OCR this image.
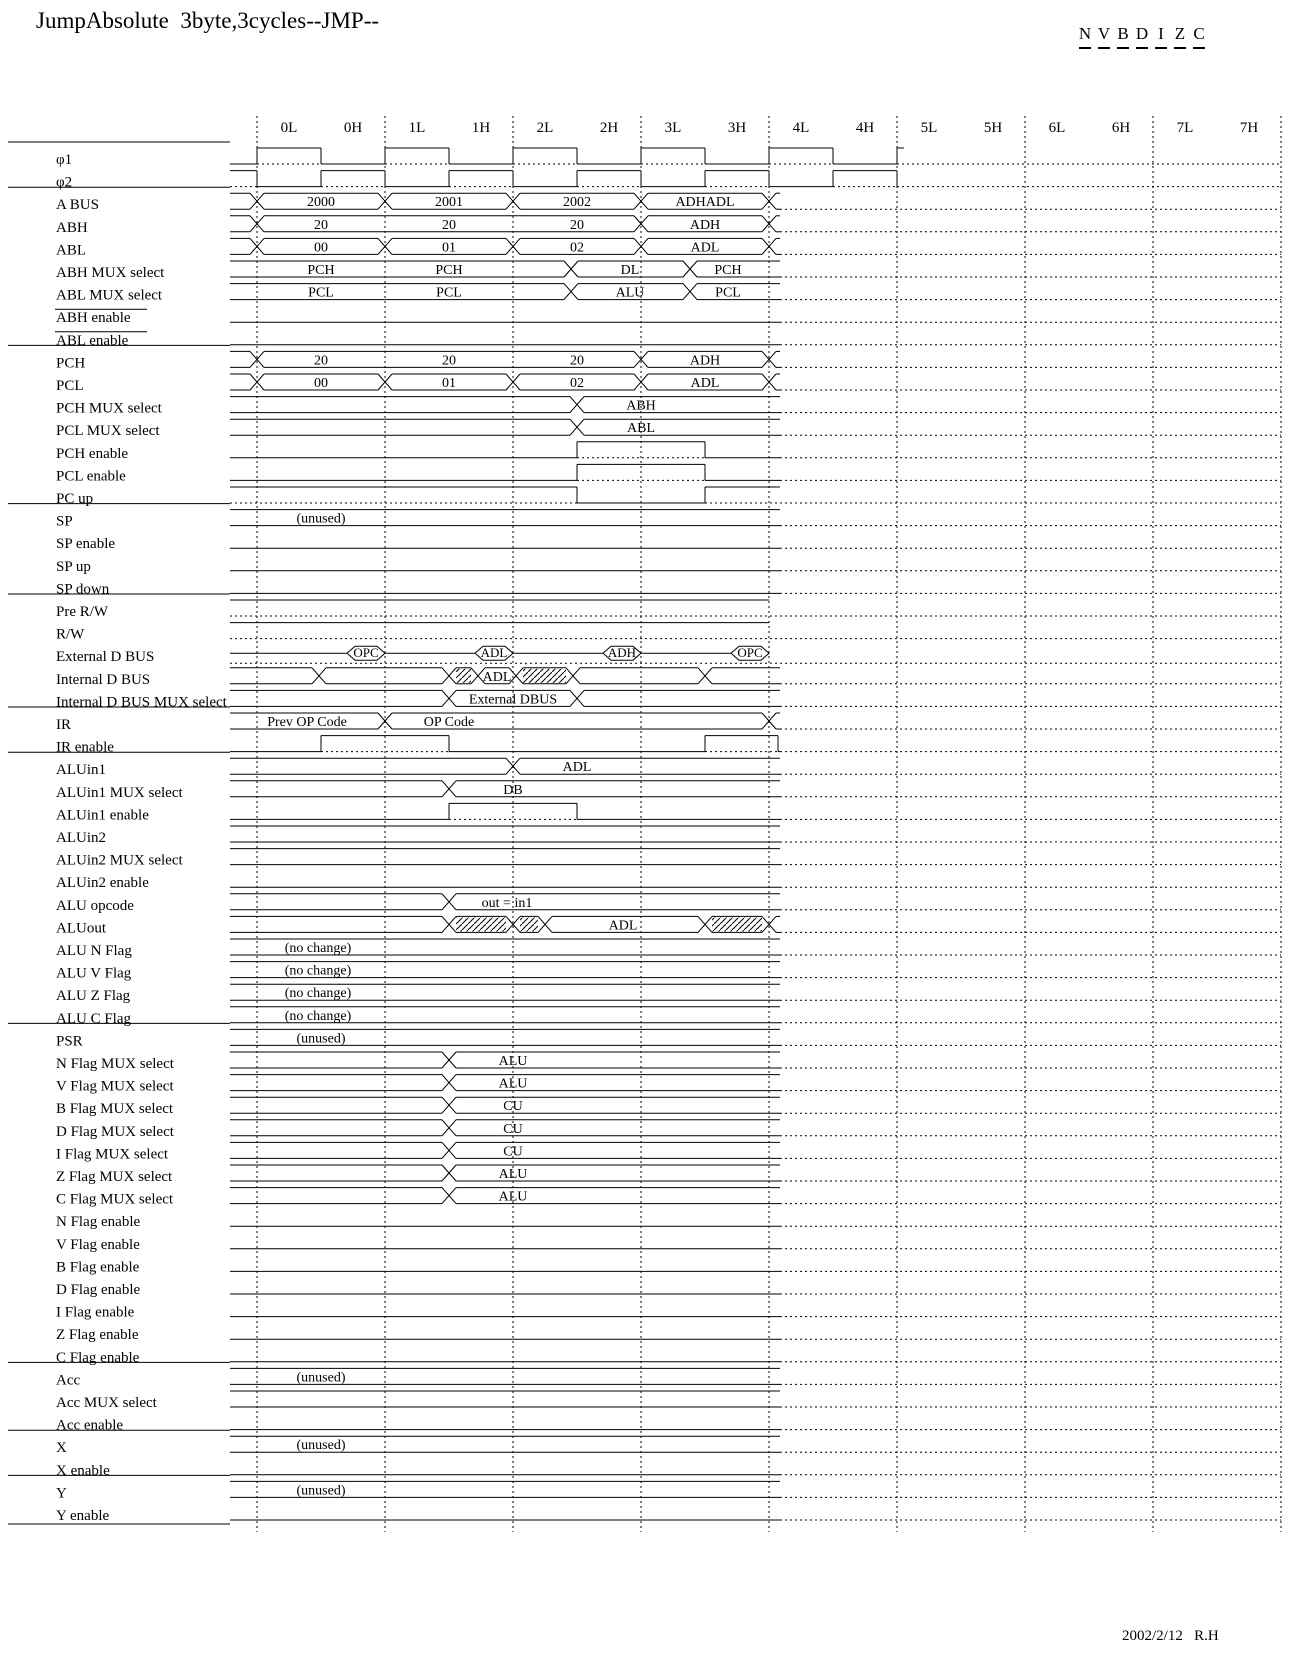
JumpAbsolute  3byte,3cycles--JMP--
N V B D I Z C
0L	0H	1L	1H	2L	2H	3L	3H	4L	4H	5L	5H	6L	6H	7L	7H
φ1
φ2
A BUS	2000	2001	2002	ADHADL
ABH	20	20	20	ADH
ABL	00	01	02	ADL
ABH MUX select	PCH	PCH	DL	PCH
ABL MUX select	PCL	PCL	ALU	PCL
ABH enable
ABL enable
PCH	20	20	20	ADH
PCL	00	01	02	ADL
PCH MUX select	ABH
PCL MUX select	ABL
PCH enable
PCL enable
PC up
SP	(unused)
SP enable
SP up
SP down
Pre R/W
R/W
External D BUS	OPC	ADL	ADH	OPC
Internal D BUS	ADL
Internal D BUS MUX select	External DBUS
IR	Prev OP Code	OP Code
IR enable
ALUin1	ADL
ALUin1 MUX select	DB
ALUin1 enable
ALUin2
ALUin2 MUX select
ALUin2 enable
ALU opcode	out = in1
ALUout	ADL
ALU N Flag	(no change)
ALU V Flag	(no change)
ALU Z Flag	(no change)
ALU C Flag	(no change)
PSR	(unused)
N Flag MUX select	ALU
V Flag MUX select	ALU
B Flag MUX select	CU
D Flag MUX select	CU
I Flag MUX select	CU
Z Flag MUX select	ALU
C Flag MUX select	ALU
N Flag enable
V Flag enable
B Flag enable
D Flag enable
I Flag enable
Z Flag enable
C Flag enable
Acc	(unused)
Acc MUX select
Acc enable
X	(unused)
X enable
Y	(unused)
Y enable
2002/2/12   R.H
